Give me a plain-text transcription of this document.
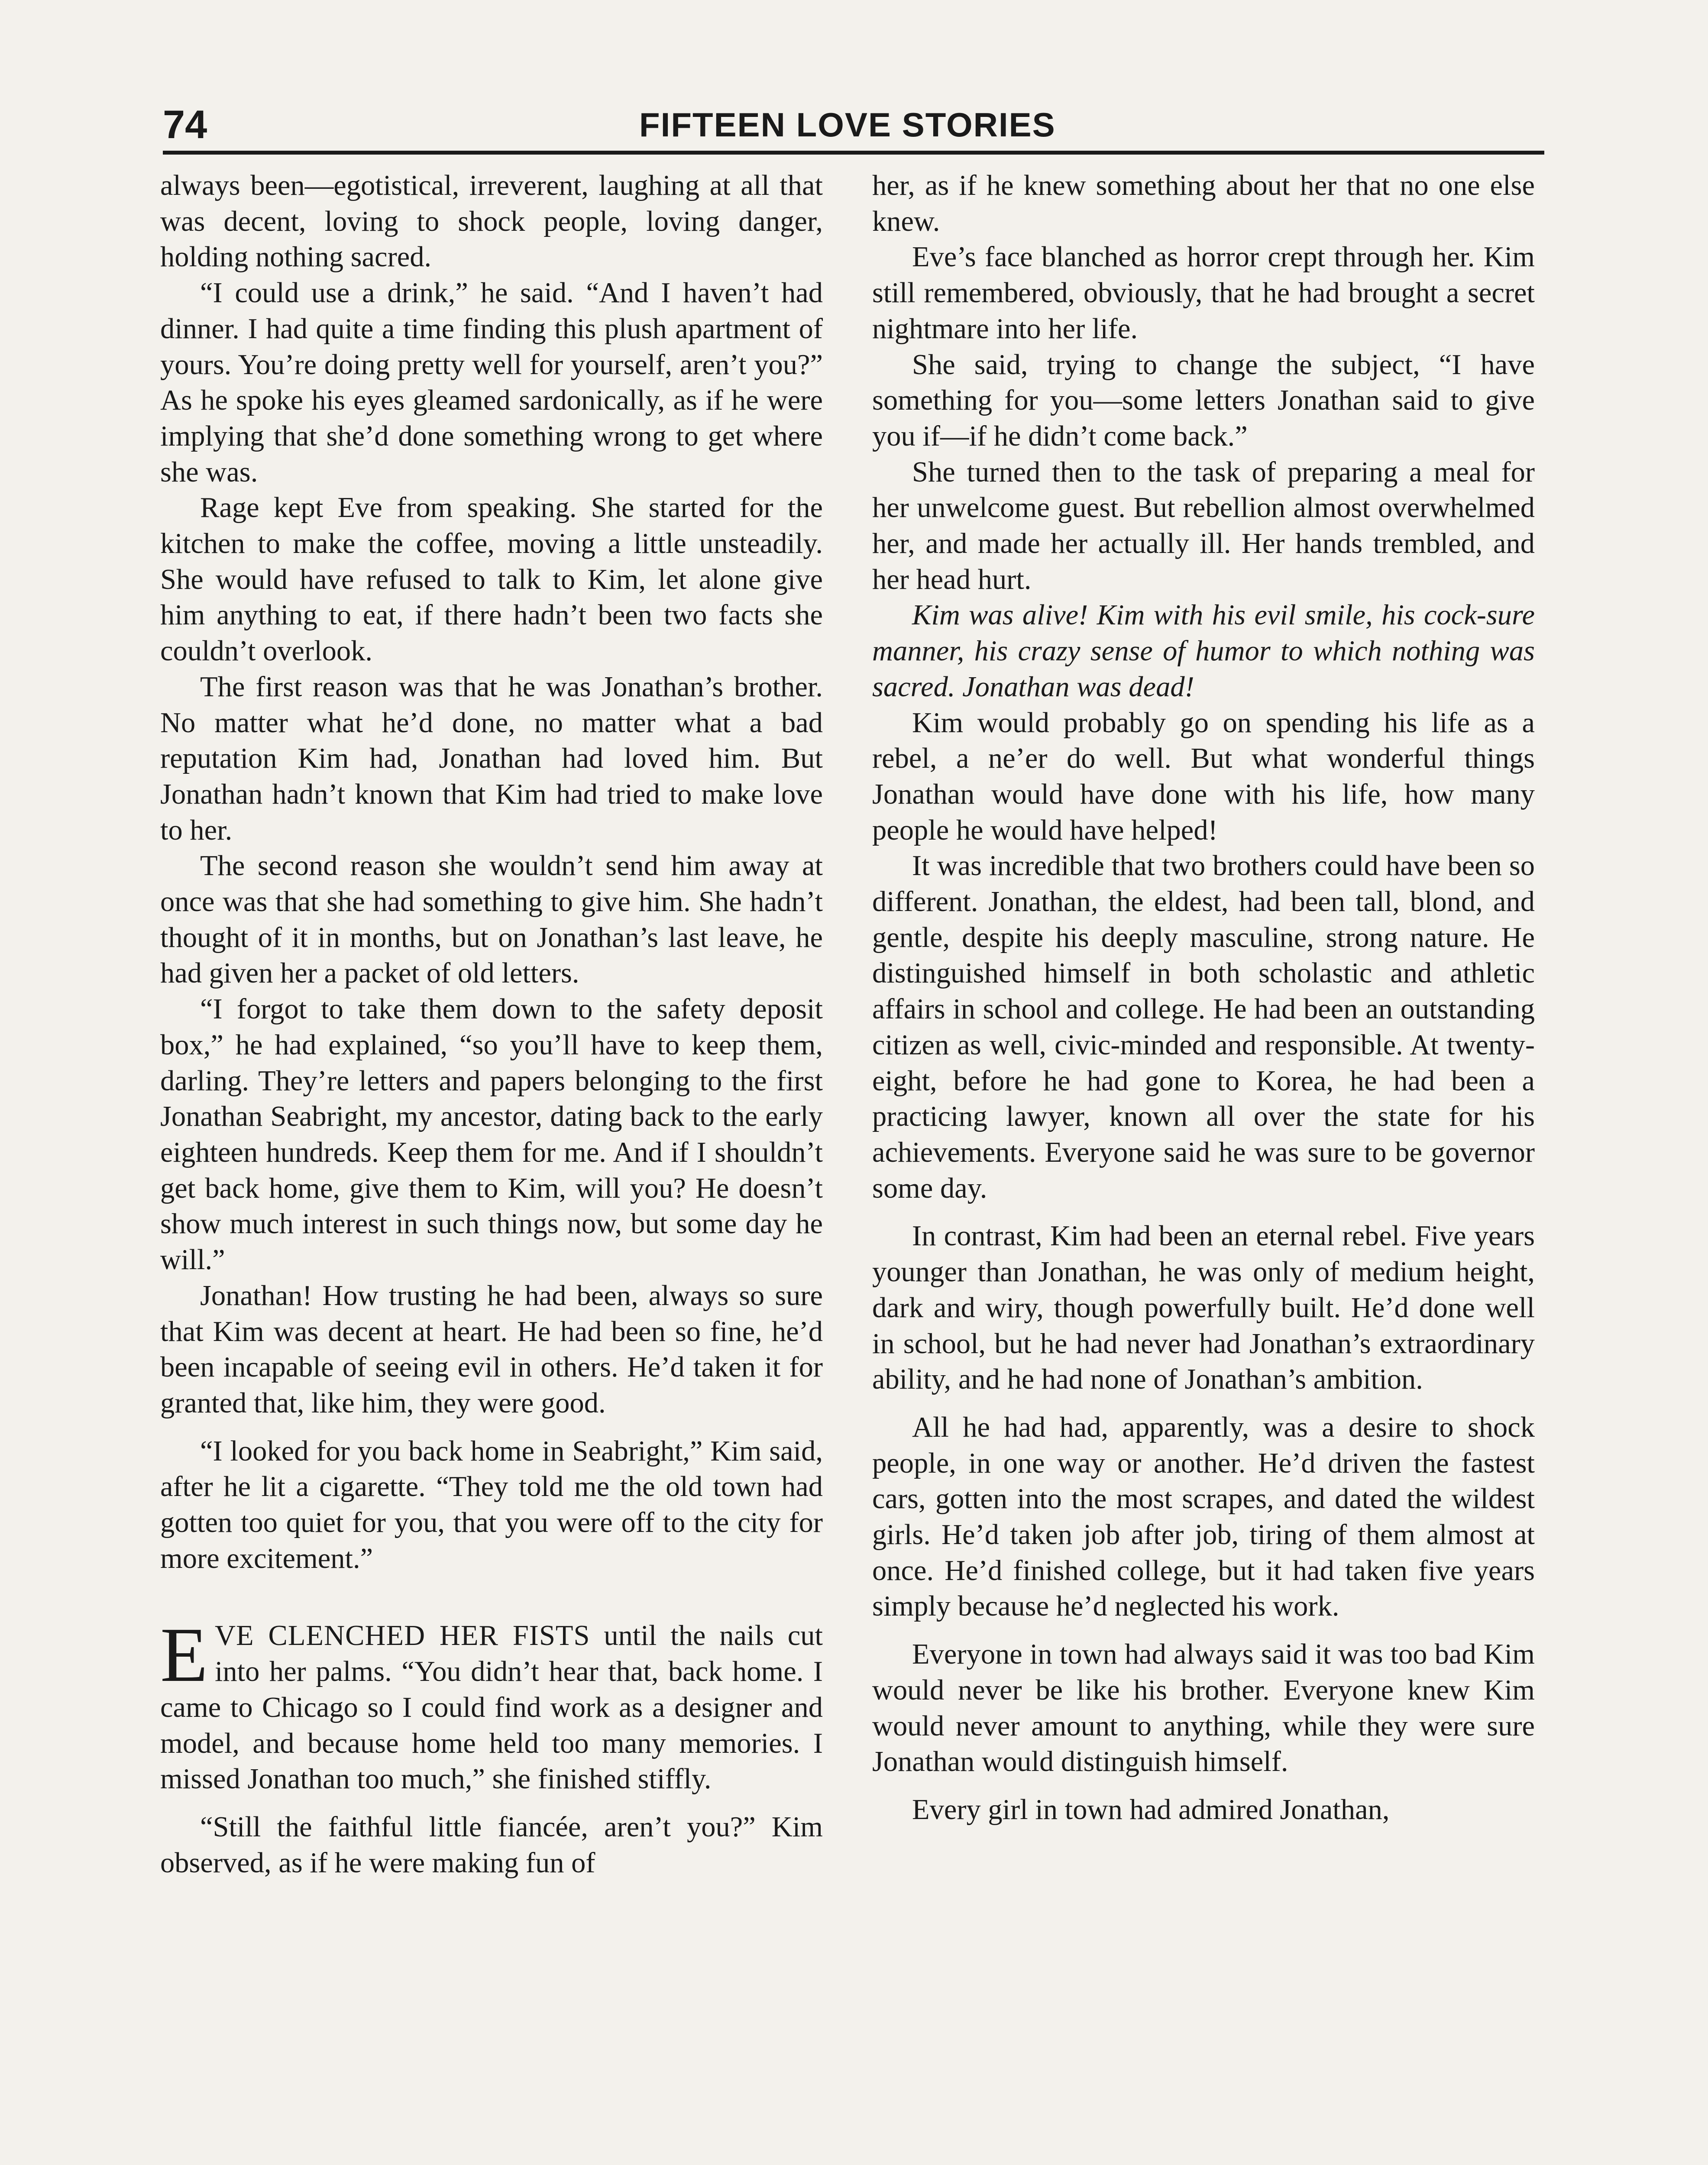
74	FIFTEEN LOVE STORIES

always been—egotistical, irreverent, laughing at all that was decent, loving to shock people, loving danger, holding nothing sacred.

“I could use a drink,” he said. “And I haven’t had dinner. I had quite a time finding this plush apartment of yours. You’re doing pretty well for yourself, aren’t you?” As he spoke his eyes gleamed sardonically, as if he were implying that she’d done something wrong to get where she was.

Rage kept Eve from speaking. She started for the kitchen to make the coffee, moving a little unsteadily. She would have refused to talk to Kim, let alone give him anything to eat, if there hadn’t been two facts she couldn’t overlook.

The first reason was that he was Jonathan’s brother. No matter what he’d done, no matter what a bad reputation Kim had, Jonathan had loved him. But Jonathan hadn’t known that Kim had tried to make love to her.

The second reason she wouldn’t send him away at once was that she had something to give him. She hadn’t thought of it in months, but on Jonathan’s last leave, he had given her a packet of old letters.

“I forgot to take them down to the safety deposit box,” he had explained, “so you’ll have to keep them, darling. They’re letters and papers belonging to the first Jonathan Seabright, my ancestor, dating back to the early eighteen hundreds. Keep them for me. And if I shouldn’t get back home, give them to Kim, will you? He doesn’t show much interest in such things now, but some day he will.”

Jonathan! How trusting he had been, always so sure that Kim was decent at heart. He had been so fine, he’d been incapable of seeing evil in others. He’d taken it for granted that, like him, they were good.

“I looked for you back home in Seabright,” Kim said, after he lit a cigarette. “They told me the old town had gotten too quiet for you, that you were off to the city for more excitement.”

EVE CLENCHED HER FISTS until the nails cut into her palms. “You didn’t hear that, back home. I came to Chicago so I could find work as a designer and model, and because home held too many memories. I missed Jonathan too much,” she finished stiffly.

“Still the faithful little fiancée, aren’t you?” Kim observed, as if he were making fun of

her, as if he knew something about her that no one else knew.

Eve’s face blanched as horror crept through her. Kim still remembered, obviously, that he had brought a secret nightmare into her life.

She said, trying to change the subject, “I have something for you—some letters Jonathan said to give you if—if he didn’t come back.”

She turned then to the task of preparing a meal for her unwelcome guest. But rebellion almost overwhelmed her, and made her actually ill. Her hands trembled, and her head hurt.

Kim was alive! Kim with his evil smile, his cock-sure manner, his crazy sense of humor to which nothing was sacred. Jonathan was dead!

Kim would probably go on spending his life as a rebel, a ne’er do well. But what wonderful things Jonathan would have done with his life, how many people he would have helped!

It was incredible that two brothers could have been so different. Jonathan, the eldest, had been tall, blond, and gentle, despite his deeply masculine, strong nature. He distinguished himself in both scholastic and athletic affairs in school and college. He had been an outstanding citizen as well, civic-minded and responsible. At twenty-eight, before he had gone to Korea, he had been a practicing lawyer, known all over the state for his achievements. Everyone said he was sure to be governor some day.

In contrast, Kim had been an eternal rebel. Five years younger than Jonathan, he was only of medium height, dark and wiry, though powerfully built. He’d done well in school, but he had never had Jonathan’s extraordinary ability, and he had none of Jonathan’s ambition.

All he had had, apparently, was a desire to shock people, in one way or another. He’d driven the fastest cars, gotten into the most scrapes, and dated the wildest girls. He’d taken job after job, tiring of them almost at once. He’d finished college, but it had taken five years simply because he’d neglected his work.

Everyone in town had always said it was too bad Kim would never be like his brother. Everyone knew Kim would never amount to anything, while they were sure Jonathan would distinguish himself.

Every girl in town had admired Jonathan,
